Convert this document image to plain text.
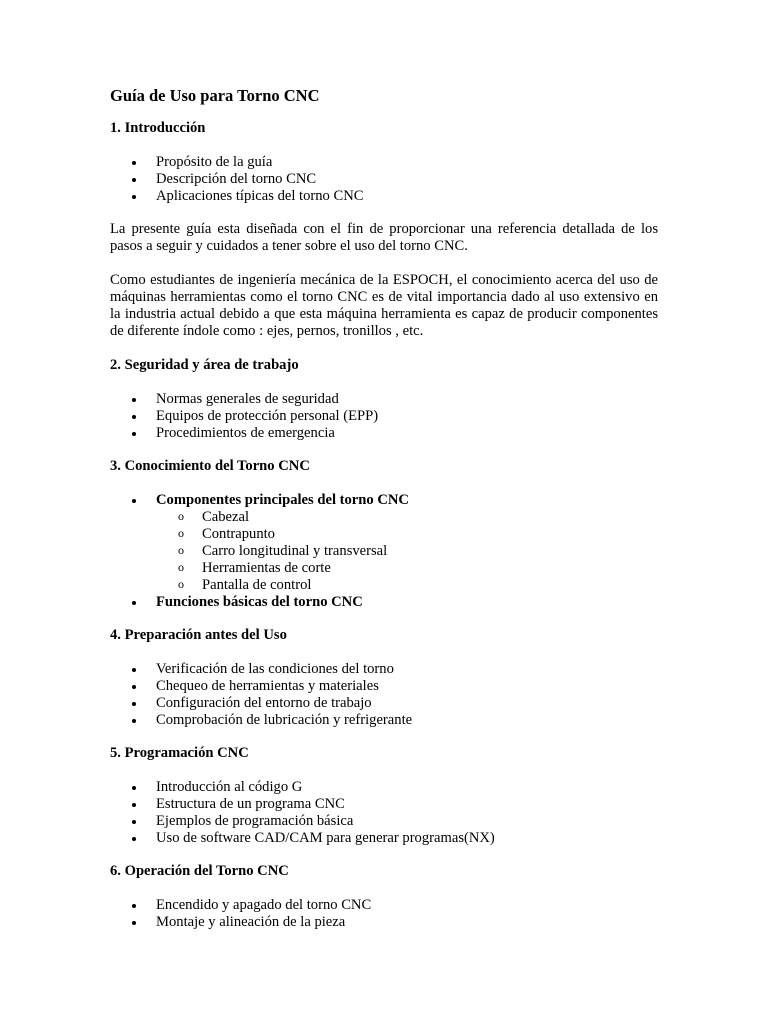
Guía de Uso para Torno CNC
1. Introducción
Propósito de la guía
Descripción del torno CNC
Aplicaciones típicas del torno CNC

La presente guía esta diseñada con el fin de proporcionar una referencia detallada de los pasos a seguir y cuidados a tener sobre el uso del torno CNC.

Como estudiantes de ingeniería mecánica de la ESPOCH, el conocimiento acerca del uso de máquinas herramientas como el torno CNC es de vital importancia dado al uso extensivo en la industria actual debido a que esta máquina herramienta es capaz de producir componentes de diferente índole como : ejes, pernos, tronillos , etc.

2. Seguridad y área de trabajo
Normas generales de seguridad
Equipos de protección personal (EPP)
Procedimientos de emergencia
3. Conocimiento del Torno CNC
Componentes principales del torno CNC
o Cabezal
o Contrapunto
o Carro longitudinal y transversal
o Herramientas de corte
o Pantalla de control
Funciones básicas del torno CNC
4. Preparación antes del Uso
Verificación de las condiciones del torno
Chequeo de herramientas y materiales
Configuración del entorno de trabajo
Comprobación de lubricación y refrigerante
5. Programación CNC
Introducción al código G
Estructura de un programa CNC
Ejemplos de programación básica
Uso de software CAD/CAM para generar programas(NX)
6. Operación del Torno CNC
Encendido y apagado del torno CNC
Montaje y alineación de la pieza
